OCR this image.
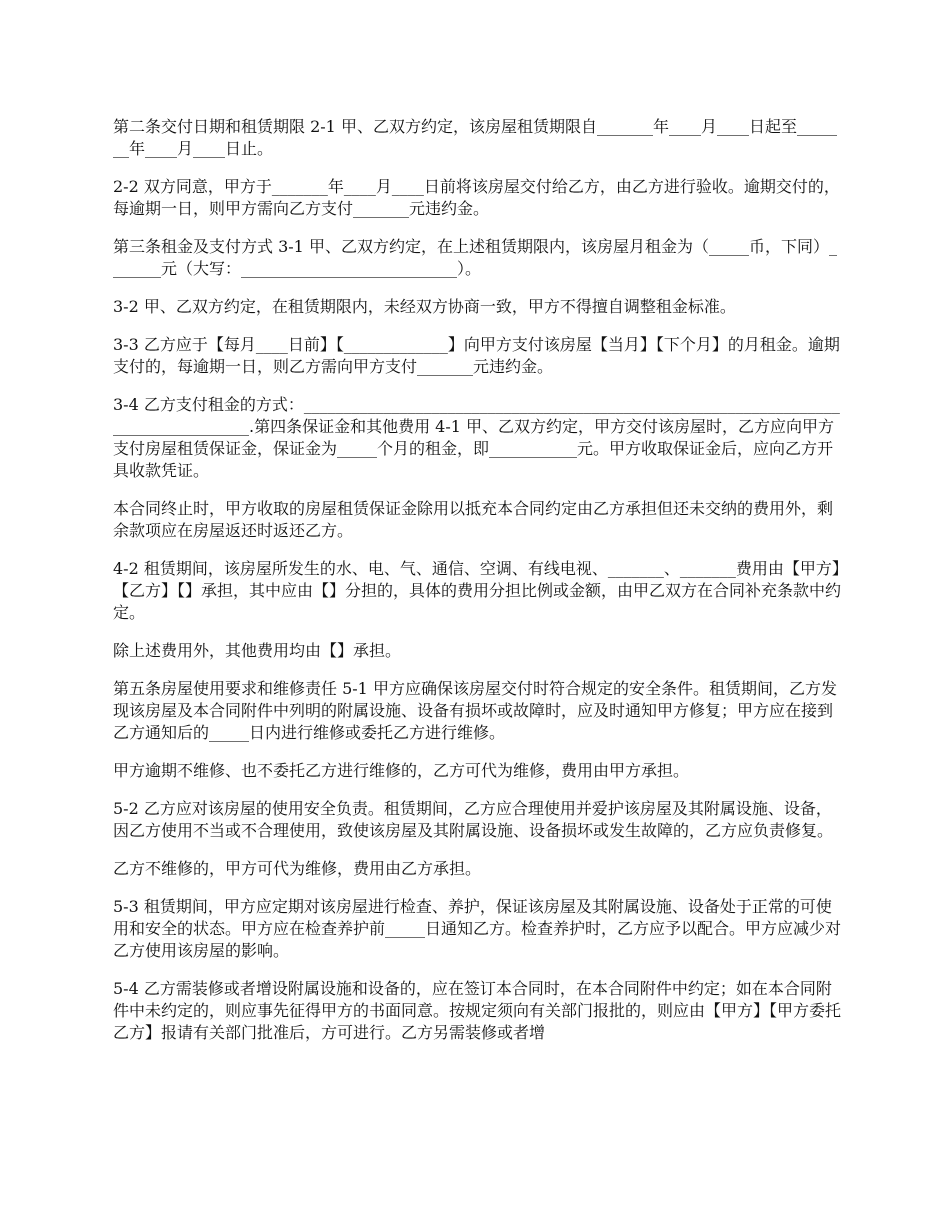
第二条交付日期和租赁期限 2-1 甲、乙双方约定，该房屋租赁期限自_______年____月____日起至_______年____月____日止。

2-2 双方同意，甲方于_______年____月____日前将该房屋交付给乙方，由乙方进行验收。逾期交付的，每逾期一日，则甲方需向乙方支付_______元违约金。

第三条租金及支付方式 3-1 甲、乙双方约定，在上述租赁期限内，该房屋月租金为（_____币，下同）_______元（大写：___________________________）。

3-2 甲、乙双方约定，在租赁期限内，未经双方协商一致，甲方不得擅自调整租金标准。

3-3 乙方应于【每月____日前】【_____________】向甲方支付该房屋【当月】【下个月】的月租金。逾期支付的，每逾期一日，则乙方需向甲方支付_______元违约金。

3-4 乙方支付租金的方式：____________________________________________________________________________________.第四条保证金和其他费用 4-1 甲、乙双方约定，甲方交付该房屋时，乙方应向甲方支付房屋租赁保证金，保证金为_____个月的租金，即___________元。甲方收取保证金后，应向乙方开具收款凭证。

本合同终止时，甲方收取的房屋租赁保证金除用以抵充本合同约定由乙方承担但还未交纳的费用外，剩余款项应在房屋返还时返还乙方。

4-2 租赁期间，该房屋所发生的水、电、气、通信、空调、有线电视、_______、_______费用由【甲方】【乙方】【】承担，其中应由【】分担的，具体的费用分担比例或金额，由甲乙双方在合同补充条款中约定。

除上述费用外，其他费用均由【】承担。

第五条房屋使用要求和维修责任 5-1 甲方应确保该房屋交付时符合规定的安全条件。租赁期间，乙方发现该房屋及本合同附件中列明的附属设施、设备有损坏或故障时，应及时通知甲方修复；甲方应在接到乙方通知后的_____日内进行维修或委托乙方进行维修。

甲方逾期不维修、也不委托乙方进行维修的，乙方可代为维修，费用由甲方承担。

5-2 乙方应对该房屋的使用安全负责。租赁期间，乙方应合理使用并爱护该房屋及其附属设施、设备，因乙方使用不当或不合理使用，致使该房屋及其附属设施、设备损坏或发生故障的，乙方应负责修复。

乙方不维修的，甲方可代为维修，费用由乙方承担。

5-3 租赁期间，甲方应定期对该房屋进行检查、养护，保证该房屋及其附属设施、设备处于正常的可使用和安全的状态。甲方应在检查养护前_____日通知乙方。检查养护时，乙方应予以配合。甲方应减少对乙方使用该房屋的影响。

5-4 乙方需装修或者增设附属设施和设备的，应在签订本合同时，在本合同附件中约定；如在本合同附件中未约定的，则应事先征得甲方的书面同意。按规定须向有关部门报批的，则应由【甲方】【甲方委托乙方】报请有关部门批准后，方可进行。乙方另需装修或者增
